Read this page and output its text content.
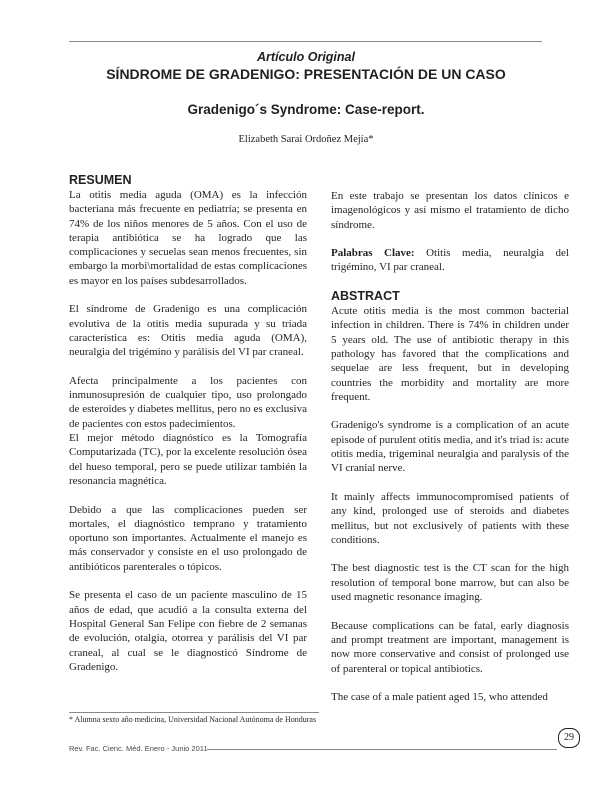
Artículo Original
SÍNDROME DE GRADENIGO: PRESENTACIÓN DE UN CASO
Gradenigo´s Syndrome: Case-report.
Elizabeth Sarai Ordoñez Mejía*
RESUMEN

La otitis media aguda (OMA) es la infección bacteriana más frecuente en pediatría; se presenta en 74% de los niños menores de 5 años. Con el uso de terapia antibiótica se ha logrado que las complicaciones y secuelas sean menos frecuentes, sin embargo la morbi\mortalidad de estas complicaciones es mayor en los países subdesarrollados.

El síndrome de Gradenigo es una complicación evolutiva de la otitis media supurada y su tríada característica es: Otitis media aguda (OMA), neuralgia del trigémino y parálisis del VI par craneal.

Afecta principalmente a los pacientes con inmunosupresión de cualquier tipo, uso prolongado de esteroides y diabetes mellitus, pero no es exclusiva de pacientes con estos padecimientos.

El mejor método diagnóstico es la Tomografía Computarizada (TC), por la excelente resolución ósea del hueso temporal, pero se puede utilizar también la resonancia magnética.

Debido a que las complicaciones pueden ser mortales, el diagnóstico temprano y tratamiento oportuno son importantes. Actualmente el manejo es más conservador y consiste en el uso prolongado de antibióticos parenterales o tópicos.

Se presenta el caso de un paciente masculino de 15 años de edad, que acudió a la consulta externa del Hospital General San Felipe con fiebre de 2 semanas de evolución, otalgia, otorrea y parálisis del VI par craneal, al cual se le diagnosticó Síndrome de Gradenigo.

En este trabajo se presentan los datos clínicos e imagenológicos y así mismo el tratamiento de dicho síndrome.

Palabras Clave: Otitis media, neuralgia del trigémino, VI par craneal.

ABSTRACT

Acute otitis media is the most common bacterial infection in children. There is 74% in children under 5 years old. The use of antibiotic therapy in this pathology has favored that the complications and sequelae are less frequent, but in developing countries the morbidity and mortality are more frequent.

Gradenigo's syndrome is a complication of an acute episode of purulent otitis media, and it's triad is: acute otitis media, trigeminal neuralgia and paralysis of the VI cranial nerve.

It mainly affects immunocompromised patients of any kind, prolonged use of steroids and diabetes mellitus, but not exclusively of patients with these conditions.

The best diagnostic test is the CT scan for the high resolution of temporal bone marrow, but can also be used magnetic resonance imaging.

Because complications can be fatal, early diagnosis and prompt treatment are important, management is now more conservative and consist of prolonged use of parenteral or topical antibiotics.

The case of a male patient aged 15, who attended

* Alumna sexto año medicina, Universidad Nacional Autónoma de Honduras
29
Rev. Fac. Cienc. Méd. Enero - Junio 2011
